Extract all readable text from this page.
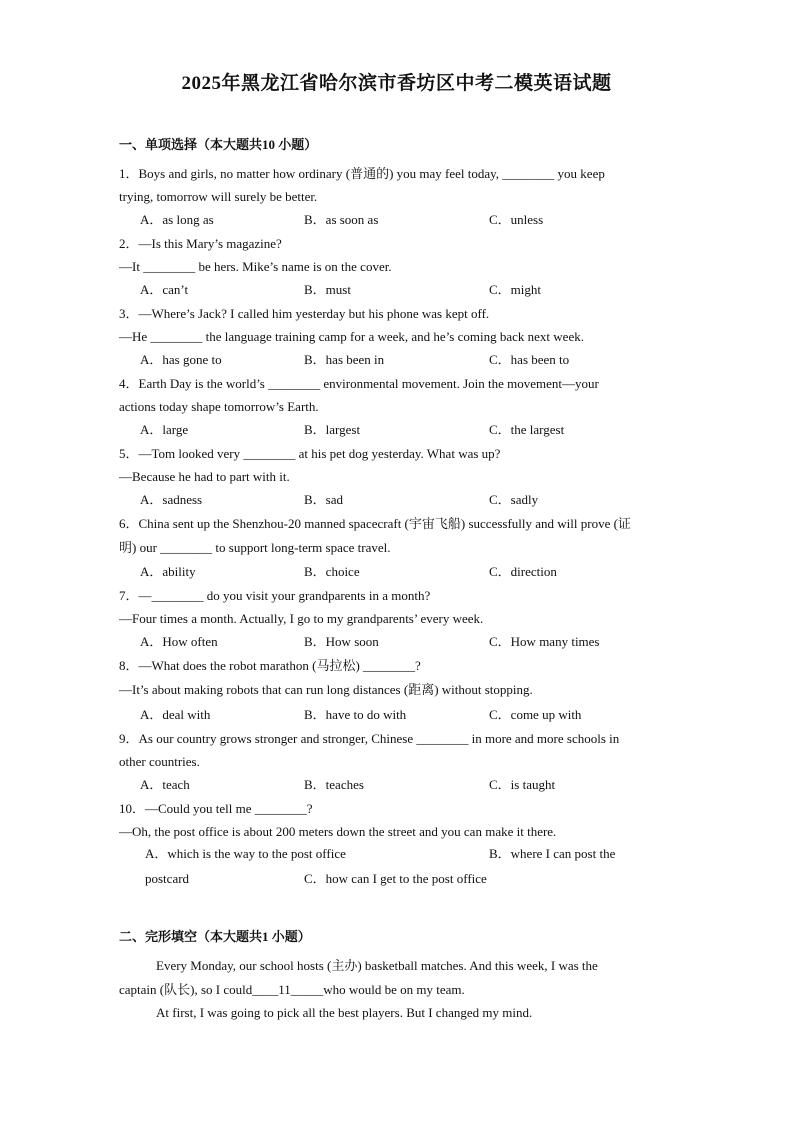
2025年黑龙江省哈尔滨市香坊区中考二模英语试题
一、单项选择（本大题共10 小题）
1．Boys and girls, no matter how ordinary (普通的) you may feel today, ________ you keep
trying, tomorrow will surely be better.
A．as long as	B．as soon as	C．unless
2．—Is this Mary’s magazine?
—It ________ be hers. Mike’s name is on the cover.
A．can’t	B．must	C．might
3．—Where’s Jack? I called him yesterday but his phone was kept off.
—He ________ the language training camp for a week, and he’s coming back next week.
A．has gone to	B．has been in	C．has been to
4．Earth Day is the world’s ________ environmental movement. Join the movement—your
actions today shape tomorrow’s Earth.
A．large	B．largest	C．the largest
5．—Tom looked very ________ at his pet dog yesterday. What was up?
—Because he had to part with it.
A．sadness	B．sad	C．sadly
6．China sent up the Shenzhou-20 manned spacecraft (宇宙飞船) successfully and will prove (证
明) our ________ to support long-term space travel.
A．ability	B．choice	C．direction
7．—________ do you visit your grandparents in a month?
—Four times a month. Actually, I go to my grandparents’ every week.
A．How often	B．How soon	C．How many times
8．—What does the robot marathon (马拉松) ________?
—It’s about making robots that can run long distances (距离) without stopping.
A．deal with	B．have to do with	C．come up with
9．As our country grows stronger and stronger, Chinese ________ in more and more schools in
other countries.
A．teach	B．teaches	C．is taught
10．—Could you tell me ________?
—Oh, the post office is about 200 meters down the street and you can make it there.
A．which is the way to the post office	B．where I can post the
postcard	C．how can I get to the post office
二、完形填空（本大题共1 小题）
Every Monday, our school hosts (主办) basketball matches. And this week, I was the
captain (队长), so I could____11_____who would be on my team.
At first, I was going to pick all the best players. But I changed my mind.
